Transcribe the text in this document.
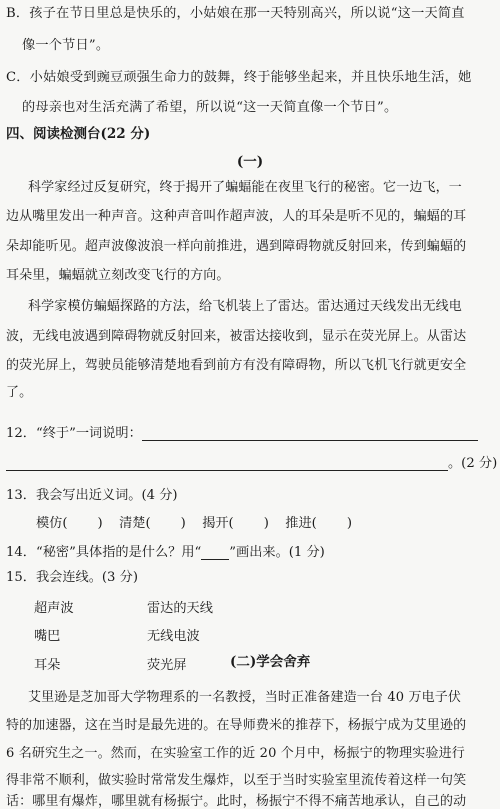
B．孩子在节日里总是快乐的，小姑娘在那一天特别高兴，所以说“这一天简直
像一个节日”。
C．小姑娘受到豌豆顽强生命力的鼓舞，终于能够坐起来，并且快乐地生活，她
的母亲也对生活充满了希望，所以说“这一天简直像一个节日”。
四、阅读检测台(22 分)
(一)
科学家经过反复研究，终于揭开了蝙蝠能在夜里飞行的秘密。它一边飞，一
边从嘴里发出一种声音。这种声音叫作超声波，人的耳朵是听不见的，蝙蝠的耳
朵却能听见。超声波像波浪一样向前推进，遇到障碍物就反射回来，传到蝙蝠的
耳朵里，蝙蝠就立刻改变飞行的方向。
科学家模仿蝙蝠探路的方法，给飞机装上了雷达。雷达通过天线发出无线电
波，无线电波遇到障碍物就反射回来，被雷达接收到，显示在荧光屏上。从雷达
的荧光屏上，驾驶员能够清楚地看到前方有没有障碍物，所以飞机飞行就更安全
了。
12．“终于”一词说明：
。(2 分)
13．我会写出近义词。(4 分)
模仿( ) 清楚( ) 揭开( ) 推进( )
14．“秘密”具体指的是什么？用“ ”画出来。(1 分)
15．我会连线。(3 分)
超声波
嘴巴
耳朵
雷达的天线
无线电波
荧光屏	(二)学会舍弃
艾里逊是芝加哥大学物理系的一名教授，当时正准备建造一台 40 万电子伏
特的加速器，这在当时是最先进的。在导师费米的推荐下，杨振宁成为艾里逊的
6 名研究生之一。然而，在实验室工作的近 20 个月中，杨振宁的物理实验进行
得非常不顺利，做实验时常常发生爆炸，以至于当时实验室里流传着这样一句笑
话：哪里有爆炸，哪里就有杨振宁。此时，杨振宁不得不痛苦地承认，自己的动
